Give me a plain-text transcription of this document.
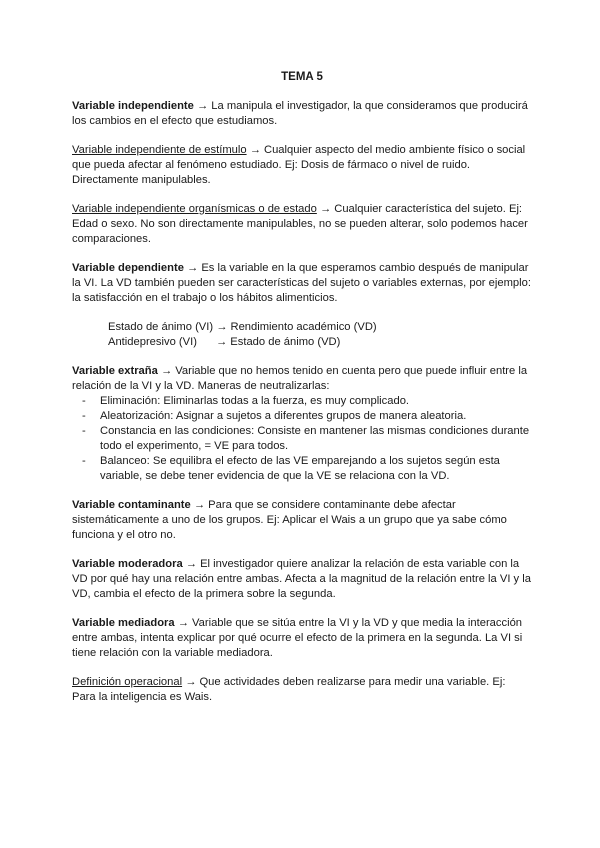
TEMA 5

Variable independiente → La manipula el investigador, la que consideramos que producirá los cambios en el efecto que estudiamos.

Variable independiente de estímulo → Cualquier aspecto del medio ambiente físico o social que pueda afectar al fenómeno estudiado. Ej: Dosis de fármaco o nivel de ruido. Directamente manipulables.

Variable independiente organísmicas o de estado → Cualquier característica del sujeto. Ej: Edad o sexo. No son directamente manipulables, no se pueden alterar, solo podemos hacer comparaciones.

Variable dependiente → Es la variable en la que esperamos cambio después de manipular la VI. La VD también pueden ser características del sujeto o variables externas, por ejemplo: la satisfacción en el trabajo o los hábitos alimenticios.

Estado de ánimo (VI)
→
Rendimiento académico (VD)
Antidepresivo (VI)	→
Estado de ánimo (VD)
Variable extraña → Variable que no hemos tenido en cuenta pero que puede influir entre la relación de la VI y la VD. Maneras de neutralizarlas:
- Eliminación: Eliminarlas todas a la fuerza, es muy complicado.
- Aleatorización: Asignar a sujetos a diferentes grupos de manera aleatoria.
- Constancia en las condiciones: Consiste en mantener las mismas condiciones durante todo el experimento, = VE para todos.
- Balanceo: Se equilibra el efecto de las VE emparejando a los sujetos según esta variable, se debe tener evidencia de que la VE se relaciona con la VD.

Variable contaminante → Para que se considere contaminante debe afectar sistemáticamente a uno de los grupos. Ej: Aplicar el Wais a un grupo que ya sabe cómo funciona y el otro no.

Variable moderadora → El investigador quiere analizar la relación de esta variable con la VD por qué hay una relación entre ambas. Afecta a la magnitud de la relación entre la VI y la VD, cambia el efecto de la primera sobre la segunda.

Variable mediadora → Variable que se sitúa entre la VI y la VD y que media la interacción entre ambas, intenta explicar por qué ocurre el efecto de la primera en la segunda. La VI si tiene relación con la variable mediadora.

Definición operacional → Que actividades deben realizarse para medir una variable. Ej: Para la inteligencia es Wais.
